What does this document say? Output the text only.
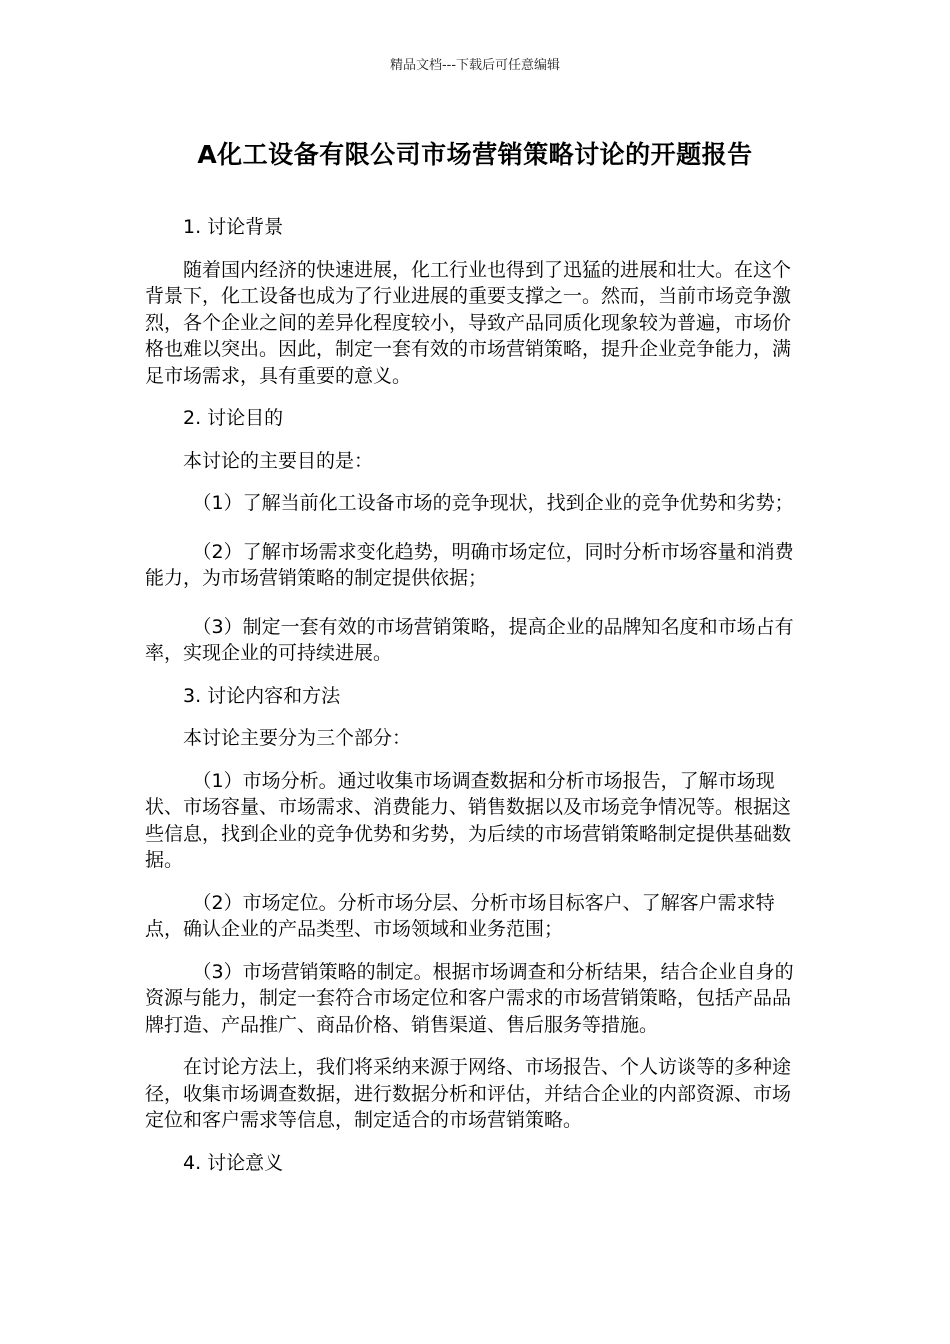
精品文档---下载后可任意编辑
A化工设备有限公司市场营销策略讨论的开题报告

1. 讨论背景

随着国内经济的快速进展，化工行业也得到了迅猛的进展和壮大。在这个背景下，化工设备也成为了行业进展的重要支撑之一。然而，当前市场竞争激烈，各个企业之间的差异化程度较小，导致产品同质化现象较为普遍，市场价格也难以突出。因此，制定一套有效的市场营销策略，提升企业竞争能力，满足市场需求，具有重要的意义。

2. 讨论目的

本讨论的主要目的是：

（1）了解当前化工设备市场的竞争现状，找到企业的竞争优势和劣势；

（2）了解市场需求变化趋势，明确市场定位，同时分析市场容量和消费能力，为市场营销策略的制定提供依据；

（3）制定一套有效的市场营销策略，提高企业的品牌知名度和市场占有率，实现企业的可持续进展。

3. 讨论内容和方法

本讨论主要分为三个部分：

（1）市场分析。通过收集市场调查数据和分析市场报告，了解市场现状、市场容量、市场需求、消费能力、销售数据以及市场竞争情况等。根据这些信息，找到企业的竞争优势和劣势，为后续的市场营销策略制定提供基础数据。

（2）市场定位。分析市场分层、分析市场目标客户、了解客户需求特点，确认企业的产品类型、市场领域和业务范围；

（3）市场营销策略的制定。根据市场调查和分析结果，结合企业自身的资源与能力，制定一套符合市场定位和客户需求的市场营销策略，包括产品品牌打造、产品推广、商品价格、销售渠道、售后服务等措施。

在讨论方法上，我们将采纳来源于网络、市场报告、个人访谈等的多种途径，收集市场调查数据，进行数据分析和评估，并结合企业的内部资源、市场定位和客户需求等信息，制定适合的市场营销策略。

4. 讨论意义
